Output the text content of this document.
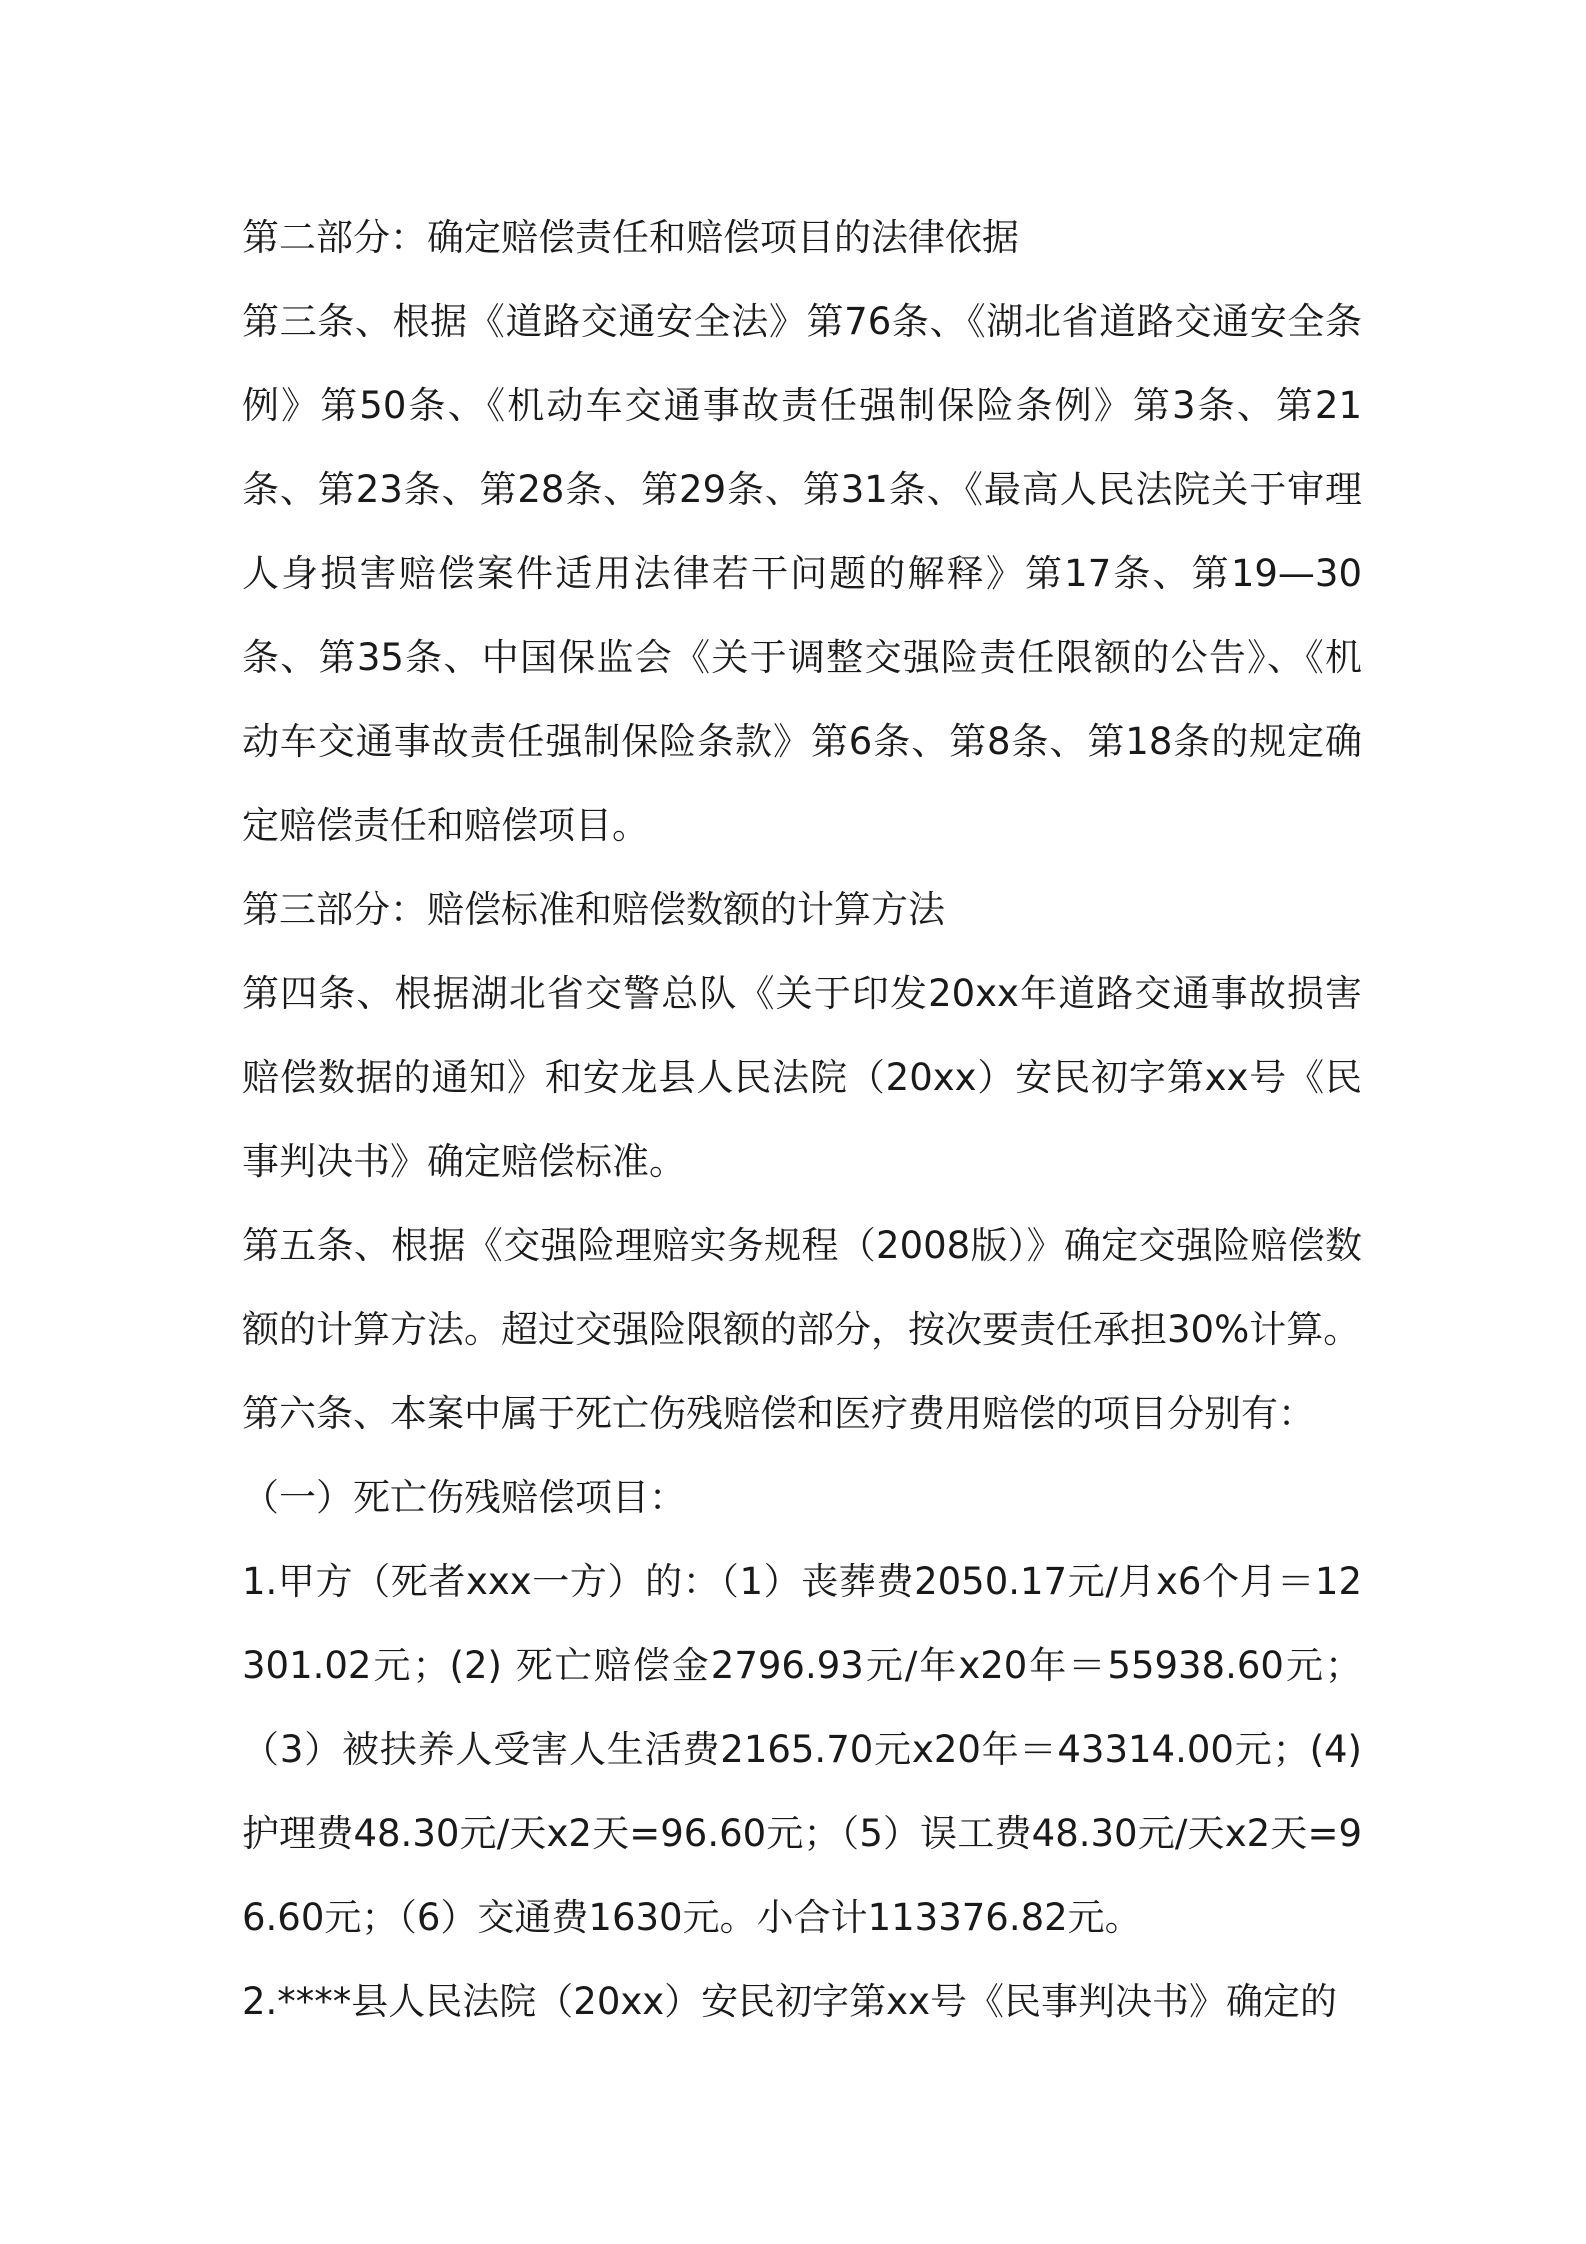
第二部分：确定赔偿责任和赔偿项目的法律依据

第三条、根据《道路交通安全法》第76条、《湖北省道路交通安全条例》第50条、《机动车交通事故责任强制保险条例》第3条、第21条、第23条、第28条、第29条、第31条、《最高人民法院关于审理人身损害赔偿案件适用法律若干问题的解释》第17条、第19—30条、第35条、中国保监会《关于调整交强险责任限额的公告》、《机动车交通事故责任强制保险条款》第6条、第8条、第18条的规定确定赔偿责任和赔偿项目。

第三部分：赔偿标准和赔偿数额的计算方法

第四条、根据湖北省交警总队《关于印发20xx年道路交通事故损害赔偿数据的通知》和安龙县人民法院（20xx）安民初字第xx号《民事判决书》确定赔偿标准。

第五条、根据《交强险理赔实务规程（2008版）》确定交强险赔偿数额的计算方法。超过交强险限额的部分，按次要责任承担30%计算。

第六条、本案中属于死亡伤残赔偿和医疗费用赔偿的项目分别有：

（一）死亡伤残赔偿项目：

1.甲方（死者xxx一方）的：（1）丧葬费2050.17元/月x6个月＝12301.02元；(2) 死亡赔偿金2796.93元/年x20年＝55938.60元；（3）被扶养人受害人生活费2165.70元x20年＝43314.00元；(4) 护理费48.30元/天x2天=96.60元；（5）误工费48.30元/天x2天=96.60元；（6）交通费1630元。小合计113376.82元。

2.****县人民法院（20xx）安民初字第xx号《民事判决书》确定的
